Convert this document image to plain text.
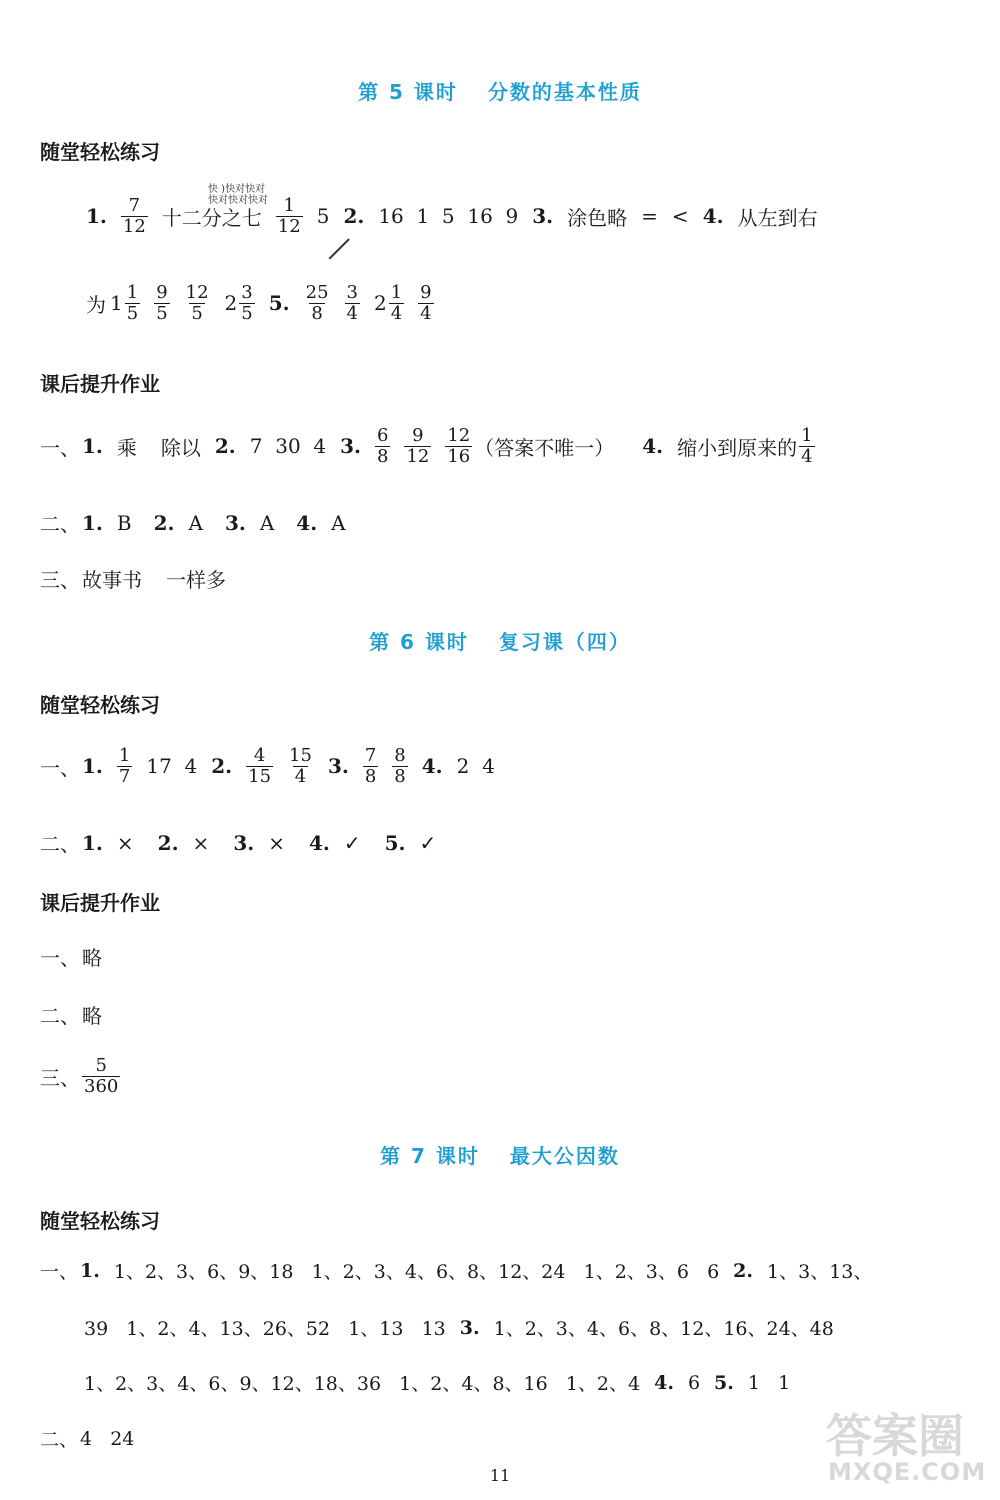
第 5 课时 分数的基本性质
随堂轻松练习
快 )快对快对
快对快对快对
1. $\frac{7}{12}$ 十二分之七 $\frac{1}{12} 5$ 2. 16  1  5  16  9 3. 涂色略 = < 4. 从左到右
为 $1 \frac{1}{5} \frac{9}{5} \frac{12}{5} 2 \frac{3}{5} 5$. $\frac{25}{8} \frac{3}{4} 2 \frac{1}{4} \frac{9}{4}$
课后提升作业
一、 1. 乘 除以 2. 7  30  4 3. $\frac{6}{8} \frac{9}{12} \frac{12}{16}$ （答案不唯一） 4. 缩小到原来的 $\frac{1}{4}$
二、 1. B 2. A 3. A 4. A
三、 故事书 一样多
第 6 课时 复习课（四）
随堂轻松练习
一、 1. $\frac{1}{7} 17$  4 2. $\frac{4}{15} \frac{15}{4} 3$. $\frac{7}{8} \frac{8}{8} 4$. 2  4
二、 1. × 2. × 3. × 4. ✓ 5. ✓
课后提升作业
一、 略
二、 略
三、 $\frac{5}{360}$
第 7 课时 最大公因数
随堂轻松练习
一、 1. 1、2、3、6、9、18   1、2、3、4、6、8、12、24   1、2、3、6   6 2. 1、3、13、
39   1、2、4、13、26、52   1、13   13 3. 1、2、3、4、6、8、12、16、24、48
1、2、3、4、6、9、12、18、36   1、2、4、8、16   1、2、4 4. 6 5. 1   1
二、 4   24
11
答案圈
MXQE.COM
